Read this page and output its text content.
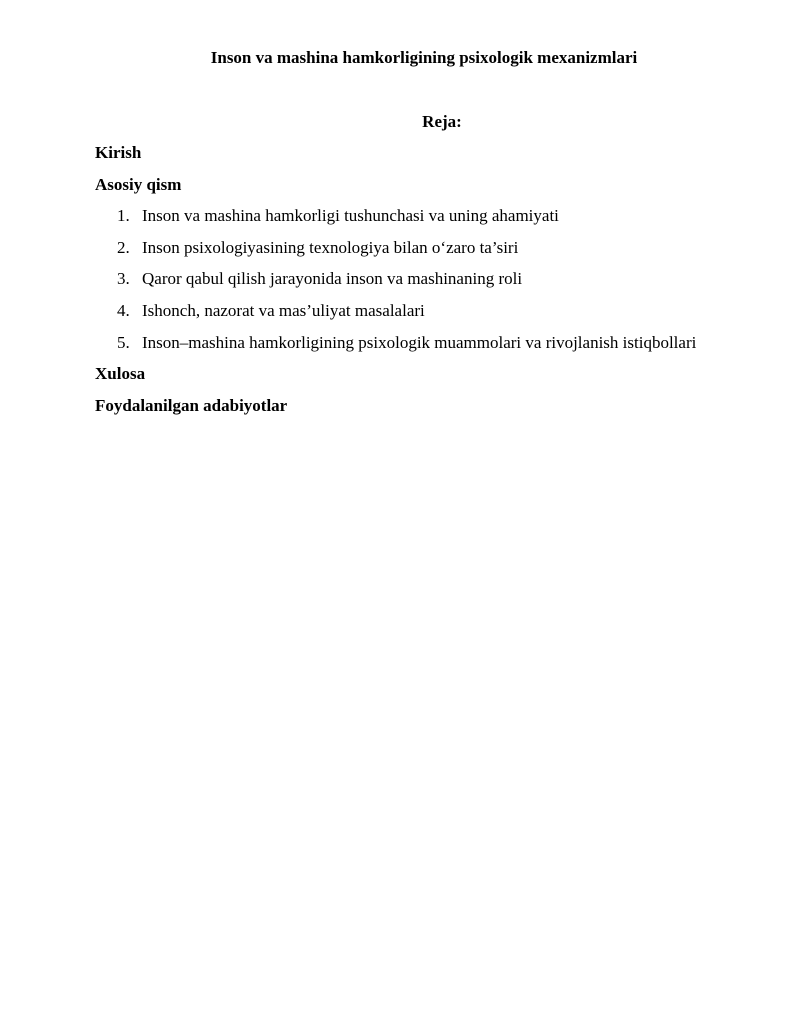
Inson va mashina hamkorligining psixologik mexanizmlari
Reja:
Kirish
Asosiy qism
1. Inson va mashina hamkorligi tushunchasi va uning ahamiyati
2. Inson psixologiyasining texnologiya bilan o‘zaro ta’siri
3. Qaror qabul qilish jarayonida inson va mashinaning roli
4. Ishonch, nazorat va mas’uliyat masalalari
5. Inson–mashina hamkorligining psixologik muammolari va rivojlanish istiqbollari
Xulosa
Foydalanilgan adabiyotlar
